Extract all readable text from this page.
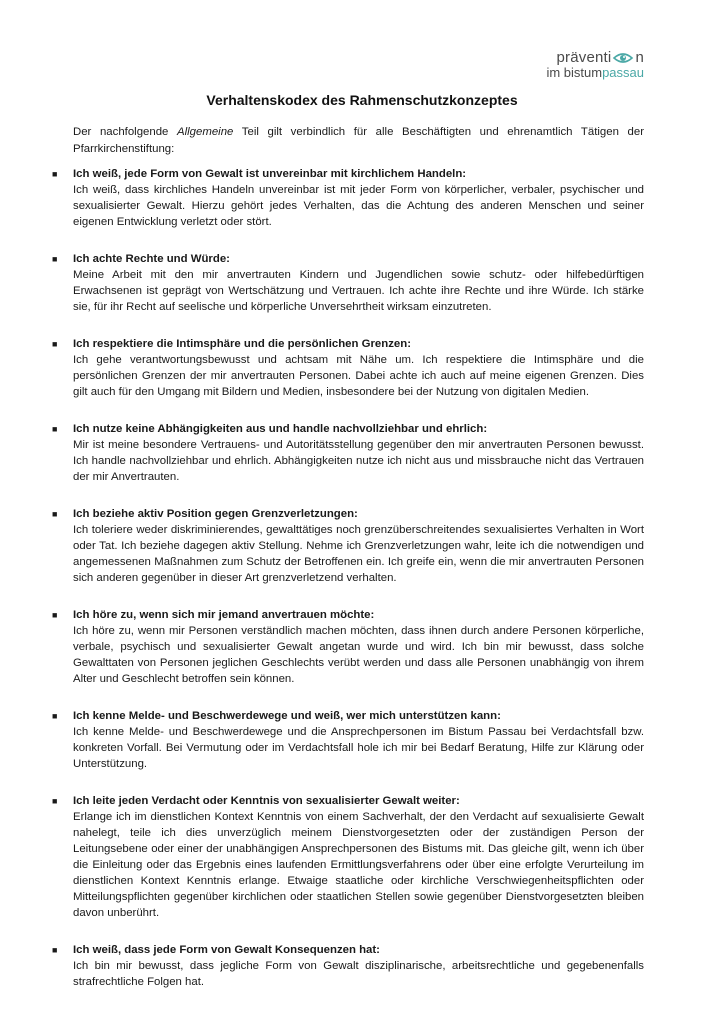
präventi n
im bistumpassau
Verhaltenskodex des Rahmenschutzkonzeptes
Der nachfolgende Allgemeine Teil gilt verbindlich für alle Beschäftigten und ehrenamtlich Tätigen der Pfarrkirchenstiftung:
■ Ich weiß, jede Form von Gewalt ist unvereinbar mit kirchlichem Handeln:
Ich weiß, dass kirchliches Handeln unvereinbar ist mit jeder Form von körperlicher, verbaler, psychischer und sexualisierter Gewalt. Hierzu gehört jedes Verhalten, das die Achtung des anderen Menschen und seiner eigenen Entwicklung verletzt oder stört.
■ Ich achte Rechte und Würde:
Meine Arbeit mit den mir anvertrauten Kindern und Jugendlichen sowie schutz- oder hilfebedürftigen Erwachsenen ist geprägt von Wertschätzung und Vertrauen. Ich achte ihre Rechte und ihre Würde. Ich stärke sie, für ihr Recht auf seelische und körperliche Unversehrtheit wirksam einzutreten.
■ Ich respektiere die Intimsphäre und die persönlichen Grenzen:
Ich gehe verantwortungsbewusst und achtsam mit Nähe um. Ich respektiere die Intimsphäre und die persönlichen Grenzen der mir anvertrauten Personen. Dabei achte ich auch auf meine eigenen Grenzen. Dies gilt auch für den Umgang mit Bildern und Medien, insbesondere bei der Nutzung von digitalen Medien.
■ Ich nutze keine Abhängigkeiten aus und handle nachvollziehbar und ehrlich:
Mir ist meine besondere Vertrauens- und Autoritätsstellung gegenüber den mir anvertrauten Personen bewusst. Ich handle nachvollziehbar und ehrlich. Abhängigkeiten nutze ich nicht aus und missbrauche nicht das Vertrauen der mir Anvertrauten.
■ Ich beziehe aktiv Position gegen Grenzverletzungen:
Ich toleriere weder diskriminierendes, gewalttätiges noch grenzüberschreitendes sexualisiertes Verhalten in Wort oder Tat. Ich beziehe dagegen aktiv Stellung. Nehme ich Grenzverletzungen wahr, leite ich die notwendigen und angemessenen Maßnahmen zum Schutz der Betroffenen ein. Ich greife ein, wenn die mir anvertrauten Personen sich anderen gegenüber in dieser Art grenzverletzend verhalten.
■ Ich höre zu, wenn sich mir jemand anvertrauen möchte:
Ich höre zu, wenn mir Personen verständlich machen möchten, dass ihnen durch andere Personen körperliche, verbale, psychisch und sexualisierter Gewalt angetan wurde und wird. Ich bin mir bewusst, dass solche Gewalttaten von Personen jeglichen Geschlechts verübt werden und dass alle Personen unabhängig von ihrem Alter und Geschlecht betroffen sein können.
■ Ich kenne Melde- und Beschwerdewege und weiß, wer mich unterstützen kann:
Ich kenne Melde- und Beschwerdewege und die Ansprechpersonen im Bistum Passau bei Verdachtsfall bzw. konkreten Vorfall. Bei Vermutung oder im Verdachtsfall hole ich mir bei Bedarf Beratung, Hilfe zur Klärung oder Unterstützung.
■ Ich leite jeden Verdacht oder Kenntnis von sexualisierter Gewalt weiter:
Erlange ich im dienstlichen Kontext Kenntnis von einem Sachverhalt, der den Verdacht auf sexualisierte Gewalt nahelegt, teile ich dies unverzüglich meinem Dienstvorgesetzten oder der zuständigen Person der Leitungsebene oder einer der unabhängigen Ansprechpersonen des Bistums mit. Das gleiche gilt, wenn ich über die Einleitung oder das Ergebnis eines laufenden Ermittlungsverfahrens oder über eine erfolgte Verurteilung im dienstlichen Kontext Kenntnis erlange. Etwaige staatliche oder kirchliche Verschwiegenheitspflichten oder Mitteilungspflichten gegenüber kirchlichen oder staatlichen Stellen sowie gegenüber Dienstvorgesetzten bleiben davon unberührt.
■ Ich weiß, dass jede Form von Gewalt Konsequenzen hat:
Ich bin mir bewusst, dass jegliche Form von Gewalt disziplinarische, arbeitsrechtliche und gegebenenfalls strafrechtliche Folgen hat.
